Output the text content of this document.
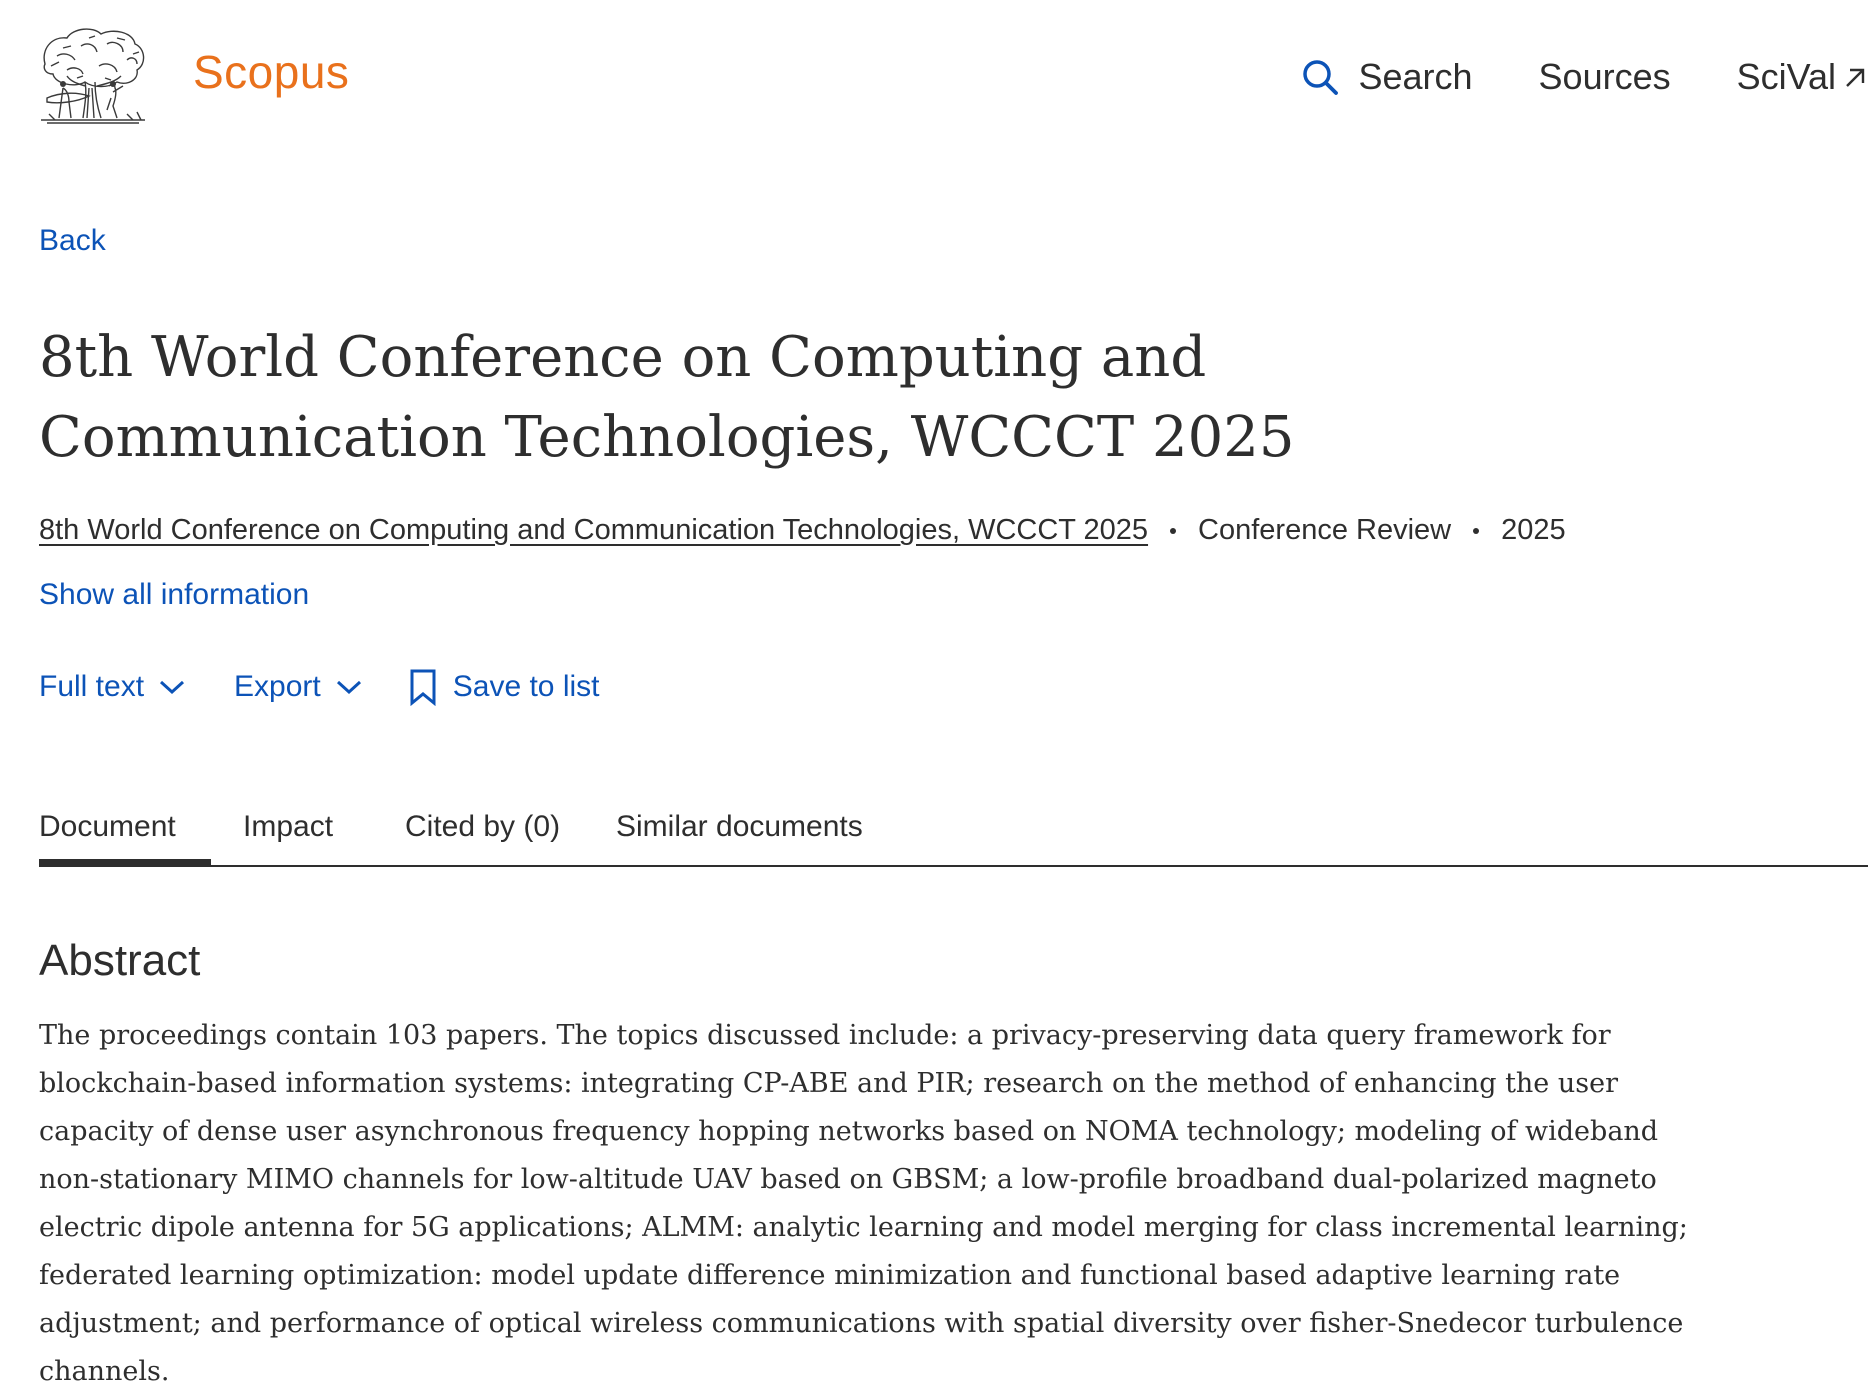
Scopus	Search Sources SciVal
Back
8th World Conference on Computing and Communication Technologies, WCCCT 2025
8th World Conference on Computing and Communication Technologies, WCCCT 2025 Conference Review 2025
Show all information
Full text	Export	Save to list
Document	Impact Cited by (0) Similar documents
Abstract

The proceedings contain 103 papers. The topics discussed include: a privacy-preserving data query framework for blockchain-based information systems: integrating CP-ABE and PIR; research on the method of enhancing the user capacity of dense user asynchronous frequency hopping networks based on NOMA technology; modeling of wideband non-stationary MIMO channels for low-altitude UAV based on GBSM; a low-profile broadband dual-polarized magneto electric dipole antenna for 5G applications; ALMM: analytic learning and model merging for class incremental learning; federated learning optimization: model update difference minimization and functional based adaptive learning rate adjustment; and performance of optical wireless communications with spatial diversity over fisher-Snedecor turbulence channels.
